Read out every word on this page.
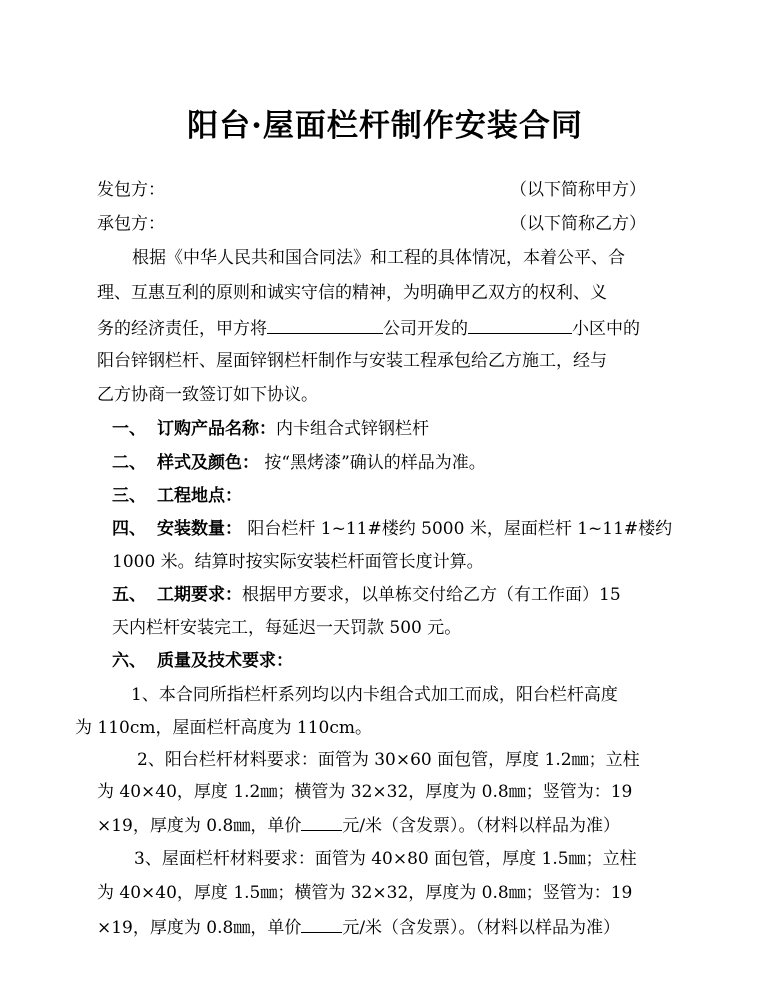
阳台·屋面栏杆制作安装合同
发包方：	（以下简称甲方）
承包方：	（以下简称乙方）
根据《中华人民共和国合同法》和工程的具体情况，本着公平、合
理、互惠互利的原则和诚实守信的精神，为明确甲乙双方的权利、义
务的经济责任，甲方将	公司开发的	小区中的
阳台锌钢栏杆、屋面锌钢栏杆制作与安装工程承包给乙方施工，经与
乙方协商一致签订如下协议。
一、 订购产品名称：内卡组合式锌钢栏杆
二、 样式及颜色： 按“黑烤漆”确认的样品为准。
三、 工程地点：
四、 安装数量： 阳台栏杆 1~11#楼约 5000 米，屋面栏杆 1~11#楼约
1000 米。结算时按实际安装栏杆面管长度计算。
五、 工期要求：根据甲方要求，以单栋交付给乙方（有工作面）15
天内栏杆安装完工，每延迟一天罚款 500 元。
六、 质量及技术要求：
1、本合同所指栏杆系列均以内卡组合式加工而成，阳台栏杆高度
为 110cm，屋面栏杆高度为 110cm。
2、阳台栏杆材料要求：面管为 30×60 面包管，厚度 1.2㎜；立柱
为 40×40，厚度 1.2㎜；横管为 32×32，厚度为 0.8㎜；竖管为：19
×19，厚度为 0.8㎜，单价 元/米（含发票）。（材料以样品为准）
3、屋面栏杆材料要求：面管为 40×80 面包管，厚度 1.5㎜；立柱
为 40×40，厚度 1.5㎜；横管为 32×32，厚度为 0.8㎜；竖管为：19
×19，厚度为 0.8㎜，单价 元/米（含发票）。（材料以样品为准）
